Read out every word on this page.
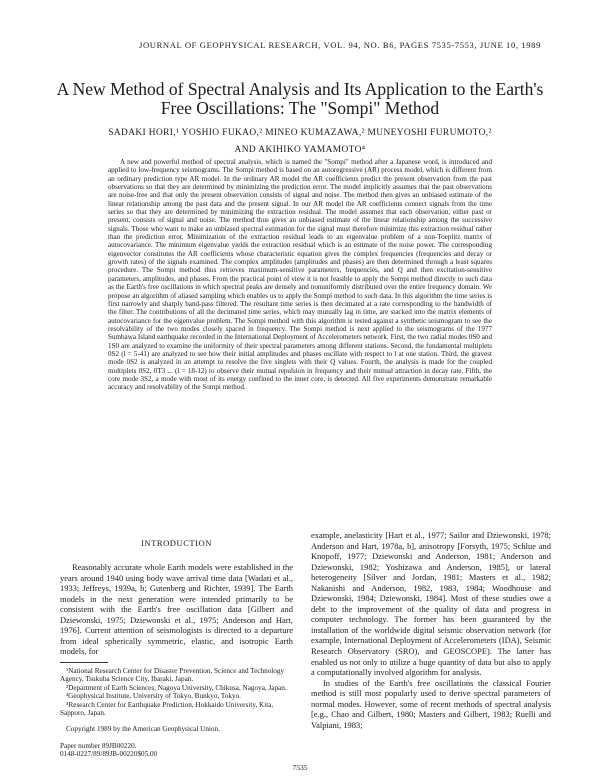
JOURNAL OF GEOPHYSICAL RESEARCH, VOL. 94, NO. B6, PAGES 7535-7553, JUNE 10, 1989
A New Method of Spectral Analysis and Its Application to the Earth's
Free Oscillations: The "Sompi" Method
SADAKI HORI,¹ YOSHIO FUKAO,² MINEO KUMAZAWA,² MUNEYOSHI FURUMOTO,²
AND AKIHIKO YAMAMOTO⁴

A new and powerful method of spectral analysis, which is named the "Sompi" method after a Japanese word, is introduced and applied to low-frequency seismograms. The Sompi method is based on an autoregressive (AR) process model, which is different from an ordinary prediction type AR model. In the ordinary AR model the AR coefficients predict the present observation from the past observations so that they are determined by minimizing the prediction error. The model implicitly assumes that the past observations are noise-free and that only the present observation consists of signal and noise. The method then gives an unbiased estimate of the linear relationship among the past data and the present signal. In our AR model the AR coefficients connect signals from the time series so that they are determined by minimizing the extraction residual. The model assumes that each observation, either past or present, consists of signal and noise. The method thus gives an unbiased estimate of the linear relationship among the successive signals. Those who want to make an unbiased spectral estimation for the signal must therefore minimize this extraction residual rather than the prediction error. Minimization of the extraction residual leads to an eigenvalue problem of a non-Toeplitz matrix of autocovariance. The minimum eigenvalue yields the extraction residual which is an estimate of the noise power. The corresponding eigenvector constitutes the AR coefficients whose characteristic equation gives the complex frequencies (frequencies and decay or growth rates) of the signals examined. The complex amplitudes (amplitudes and phases) are then determined through a least squares procedure. The Sompi method thus retrieves maximum-sensitive parameters, frequencies, and Q and then excitation-sensitive parameters, amplitudes, and phases. From the practical point of view it is not feasible to apply the Sompi method directly to such data as the Earth's free oscillations in which spectral peaks are densely and nonuniformly distributed over the entire frequency domain. We propose an algorithm of aliased sampling which enables us to apply the Sompi method to such data. In this algorithm the time series is first narrowly and sharply band-pass filtered. The resultant time series is then decimated at a rate corresponding to the bandwidth of the filter. The contributions of all the decimated time series, which may mutually lag in time, are stacked into the matrix elements of autocovariance for the eigenvalue problem. The Sompi method with this algorithm is tested against a synthetic seismogram to see the resolvability of the two modes closely spaced in frequency. The Sompi method is next applied to the seismograms of the 1977 Sumbawa Island earthquake recorded in the International Deployment of Accelerometers network. First, the two radial modes 0S0 and 1S0 are analyzed to examine the uniformity of their spectral parameters among different stations. Second, the fundamental multiplets 0S2 (l = 5-41) are analyzed to see how their initial amplitudes and phases oscillate with respect to l at one station. Third, the gravest mode 0S2 is analyzed in an attempt to resolve the five singlets with their Q values. Fourth, the analysis is made for the coupled multiplets 0S2, 0T3 ... (l = 18-12) to observe their mutual repulsion in frequency and their mutual attraction in decay rate. Fifth, the core mode 3S2, a mode with most of its energy confined to the inner core, is detected. All five experiments demonstrate remarkable accuracy and resolvability of the Sompi method.

INTRODUCTION

Reasonably accurate whole Earth models were established in the years around 1940 using body wave arrival time data [Wadati et al., 1933; Jeffreys, 1939a, b; Gutenberg and Richter, 1939]. The Earth models in the next generation were intended primarily to be consistent with the Earth's free oscillation data [Gilbert and Dziewonski, 1975; Dziewonski et al., 1975; Anderson and Hart, 1976]. Current attention of seismologists is directed to a departure from ideal spherically symmetric, elastic, and isotropic Earth models, for

¹National Research Center for Disaster Prevention, Science and Technology Agency, Tsukuba Science City, Ibaraki, Japan.
²Department of Earth Sciences, Nagoya University, Chikusa, Nagoya, Japan.
³Geophysical Institute, University of Tokyo, Bunkyo, Tokyo.
⁴Research Center for Earthquake Prediction, Hokkaido University, Kita, Sapporo, Japan.
Copyright 1989 by the American Geophysical Union.
Paper number 89JB00220.
0148-0227/89/89JB-00220$05.00

example, anelasticity [Hart et al., 1977; Sailor and Dziewonski, 1978; Anderson and Hart, 1978a, b], anisotropy [Forsyth, 1975; Schlue and Knopoff, 1977; Dziewonski and Anderson, 1981; Anderson and Dziewonski, 1982; Yoshizawa and Anderson, 1985], or lateral heterogeneity [Silver and Jordan, 1981; Masters et al., 1982; Nakanishi and Anderson, 1982, 1983, 1984; Woodhouse and Dziewonski, 1984; Dziewonski, 1984]. Most of these studies owe a debt to the improvement of the quality of data and progress in computer technology. The former has been guaranteed by the installation of the worldwide digital seismic observation network (for example, International Deployment of Accelerometers (IDA), Seismic Research Observatory (SRO), and GEOSCOPE). The latter has enabled us not only to utilize a huge quantity of data but also to apply a computationally involved algorithm for analysis.

In studies of the Earth's free oscillations the classical Fourier method is still most popularly used to derive spectral parameters of normal modes. However, some of recent methods of spectral analysis [e.g., Chao and Gilbert, 1980; Masters and Gilbert, 1983; Ruelli and Valpiani, 1983;

7535
